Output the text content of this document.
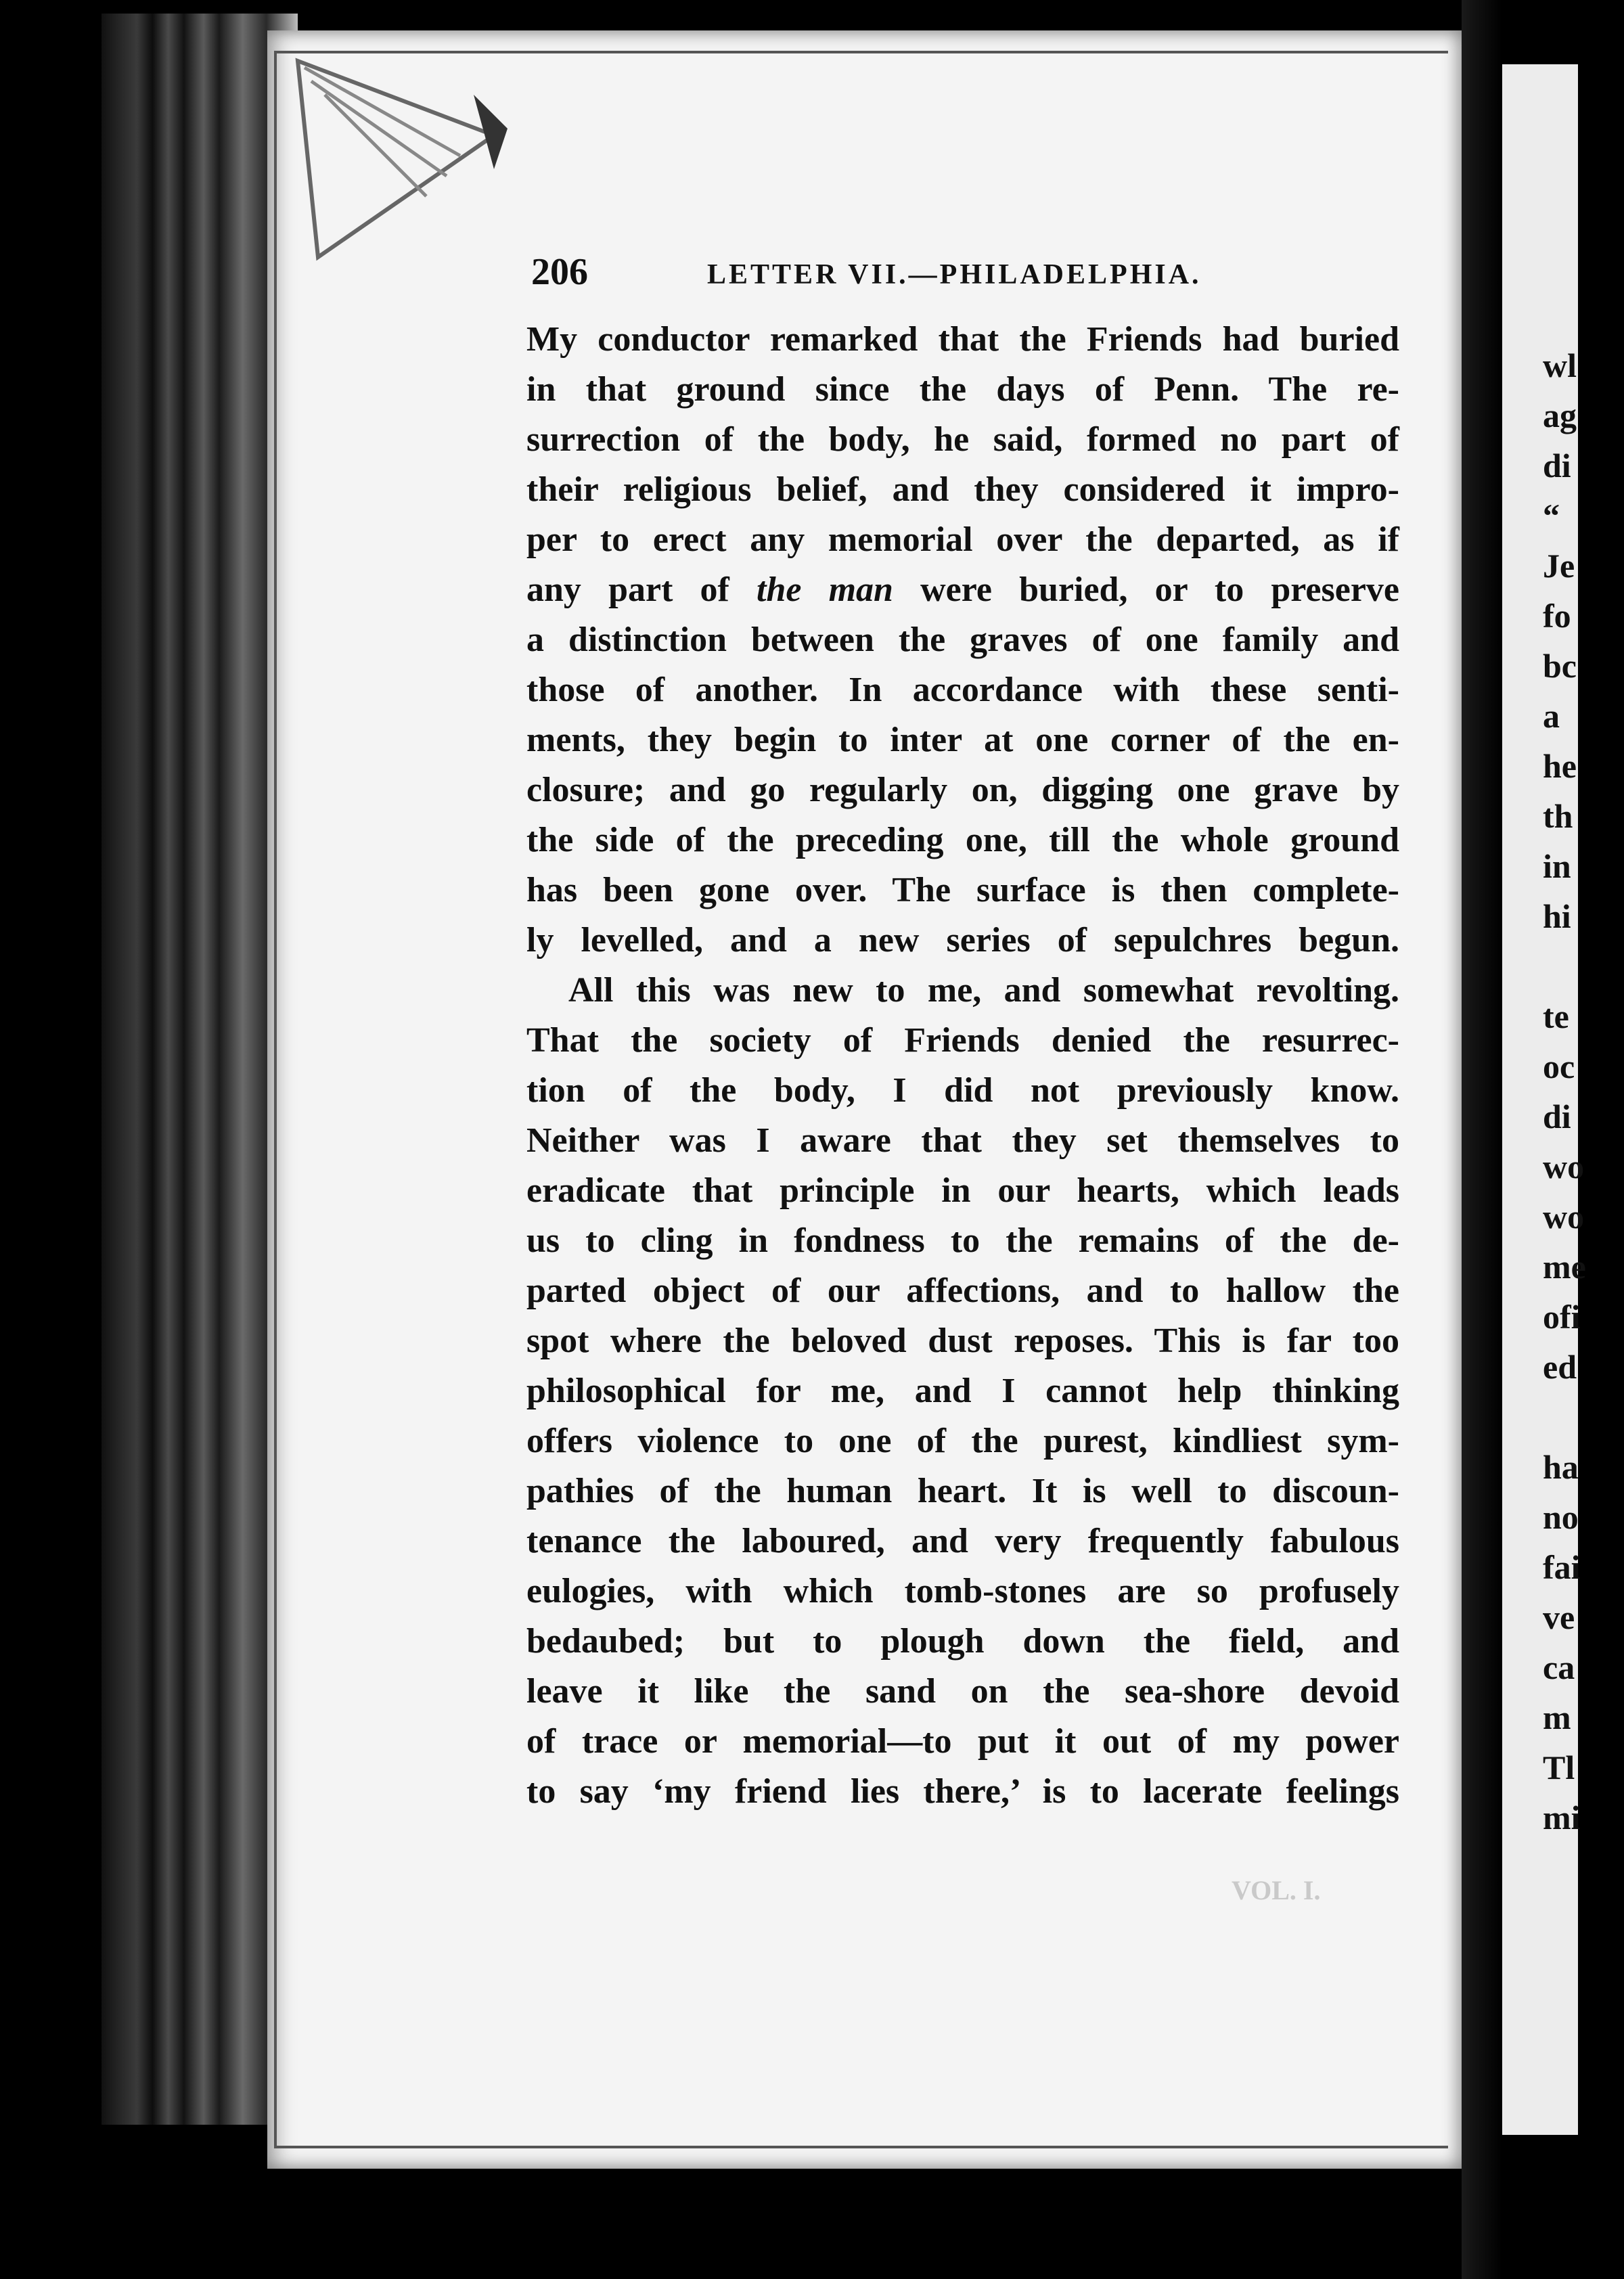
wl
ag
di
“
Je
fo
bc
a
he
th
in
hi
te
oc
di
wo
wo
me
ofi
ed
ha
no
fai
ve
ca
m
Tl
mi
206	LETTER VII.—PHILADELPHIA.
My conductor remarked that the Friends had buried
in that ground since the days of Penn. The re-
surrection of the body, he said, formed no part of
their religious belief, and they considered it impro-
per to erect any memorial over the departed, as if
any part of the man were buried, or to preserve
a distinction between the graves of one family and
those of another. In accordance with these senti-
ments, they begin to inter at one corner of the en-
closure; and go regularly on, digging one grave by
the side of the preceding one, till the whole ground
has been gone over. The surface is then complete-
ly levelled, and a new series of sepulchres begun.
All this was new to me, and somewhat revolting.
That the society of Friends denied the resurrec-
tion of the body, I did not previously know.
Neither was I aware that they set themselves to
eradicate that principle in our hearts, which leads
us to cling in fondness to the remains of the de-
parted object of our affections, and to hallow the
spot where the beloved dust reposes. This is far too
philosophical for me, and I cannot help thinking
offers violence to one of the purest, kindliest sym-
pathies of the human heart. It is well to discoun-
tenance the laboured, and very frequently fabulous
eulogies, with which tomb-stones are so profusely
bedaubed; but to plough down the field, and
leave it like the sand on the sea-shore devoid
of trace or memorial—to put it out of my power
to say ‘my friend lies there,’ is to lacerate feelings
VOL. I.
